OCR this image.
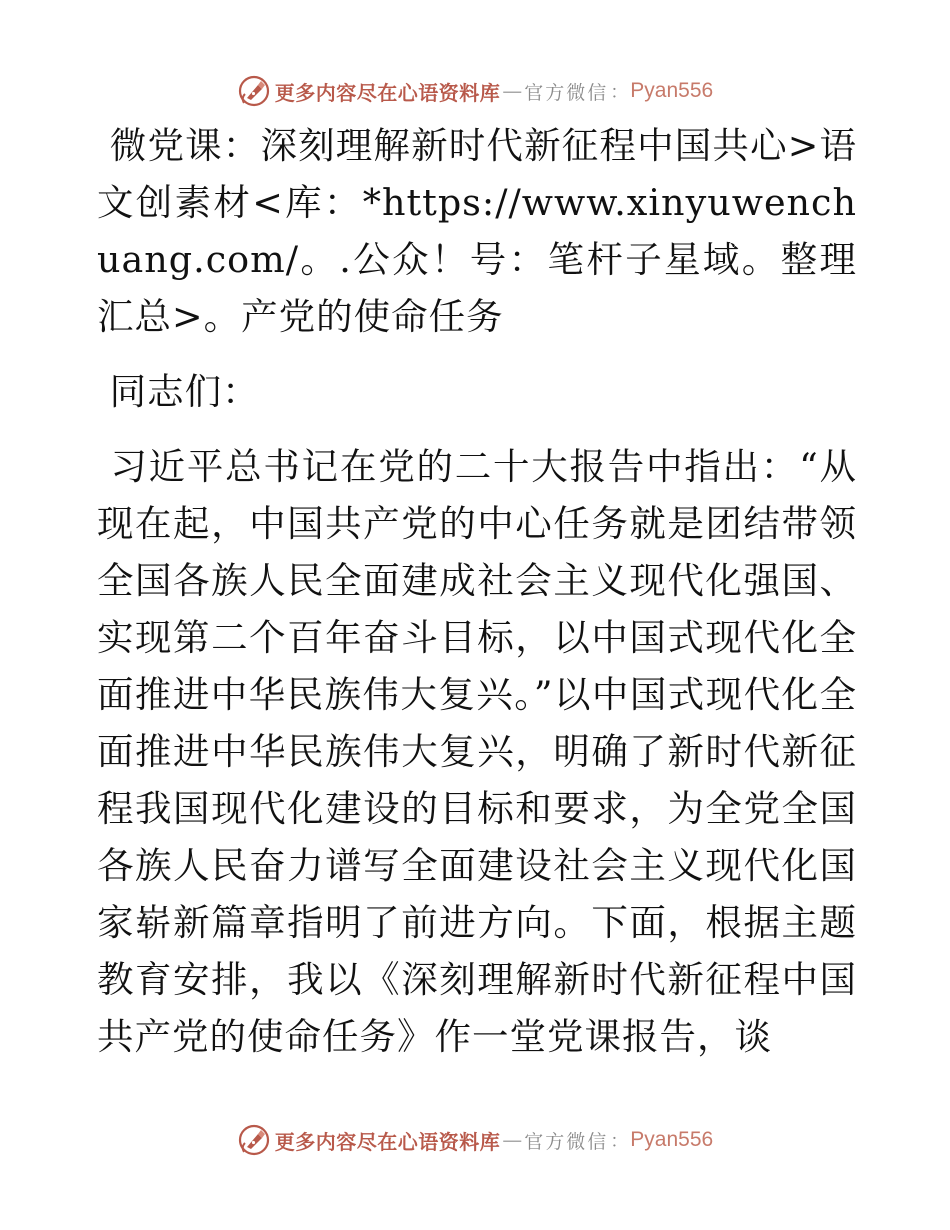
更多内容尽在心语资料库 — 官方微信 ： Pyan556

微党课：深刻理解新时代新征程中国共心>语文创素材<库：*https://www.xinyuwenchuang.com/。.公众！号：笔杆子星域。整理汇总>。产党的使命任务

同志们：

习近平总书记在党的二十大报告中指出：“从现在起，中国共产党的中心任务就是团结带领全国各族人民全面建成社会主义现代化强国、实现第二个百年奋斗目标，以中国式现代化全面推进中华民族伟大复兴。”以中国式现代化全面推进中华民族伟大复兴，明确了新时代新征程我国现代化建设的目标和要求，为全党全国各族人民奋力谱写全面建设社会主义现代化国家崭新篇章指明了前进方向。下面，根据主题教育安排，我以《深刻理解新时代新征程中国共产党的使命任务》作一堂党课报告，谈

更多内容尽在心语资料库 — 官方微信 ： Pyan556
